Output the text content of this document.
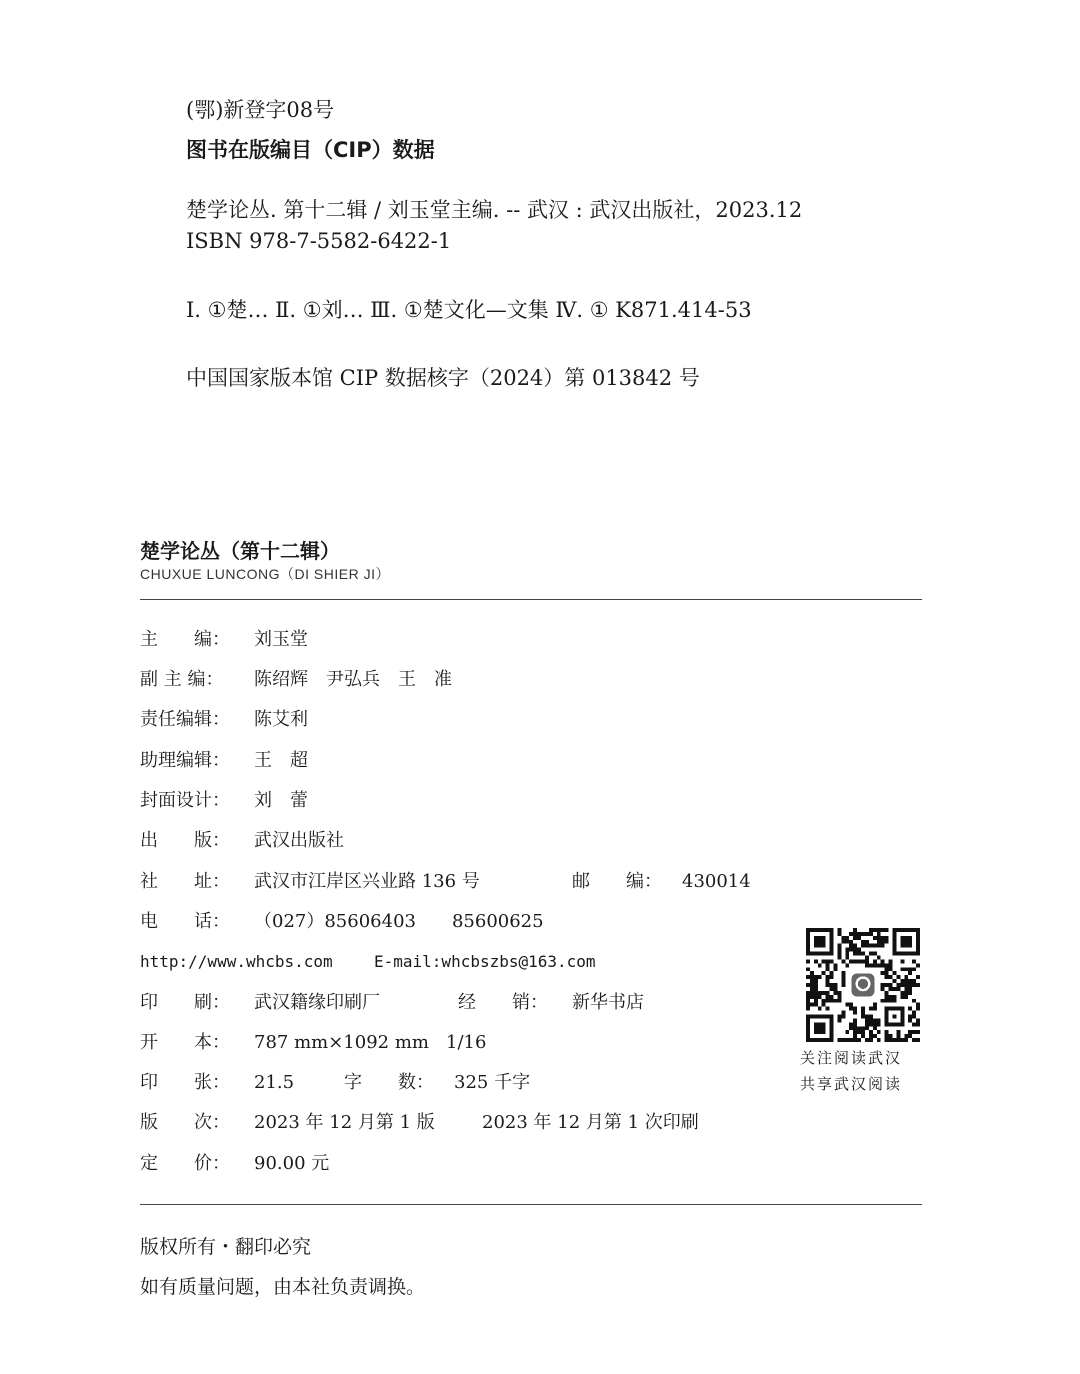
(鄂)新登字08号
图书在版编目（CIP）数据
楚学论丛. 第十二辑 / 刘玉堂主编. -- 武汉 : 武汉出版社，2023.12
ISBN 978-7-5582-6422-1
Ⅰ. ①楚… Ⅱ. ①刘… Ⅲ. ①楚文化—文集 Ⅳ. ① K871.414-53
中国国家版本馆 CIP 数据核字（2024）第 013842 号
楚学论丛（第十二辑）
CHUXUE LUNCONG（DI SHIER JI）
主　　编： 刘玉堂
副 主 编： 陈绍辉　尹弘兵　王　准
责任编辑： 陈艾利
助理编辑： 王　超
封面设计： 刘　蕾
出　　版： 武汉出版社
社　　址： 武汉市江岸区兴业路 136 号	邮　　编： 430014
电　　话： （027）85606403　　85600625
http://www.whcbs.com	E-mail:whcbszbs@163.com
印　　刷： 武汉籍缘印刷厂	经　　销： 新华书店
开　　本： 787 mm×1092 mm 1/16
印　　张： 21.5	字　　数： 325 千字
版　　次： 2023 年 12 月第 1 版	2023 年 12 月第 1 次印刷
定　　价： 90.00 元
关注阅读武汉
共享武汉阅读
版权所有・翻印必究
如有质量问题，由本社负责调换。
